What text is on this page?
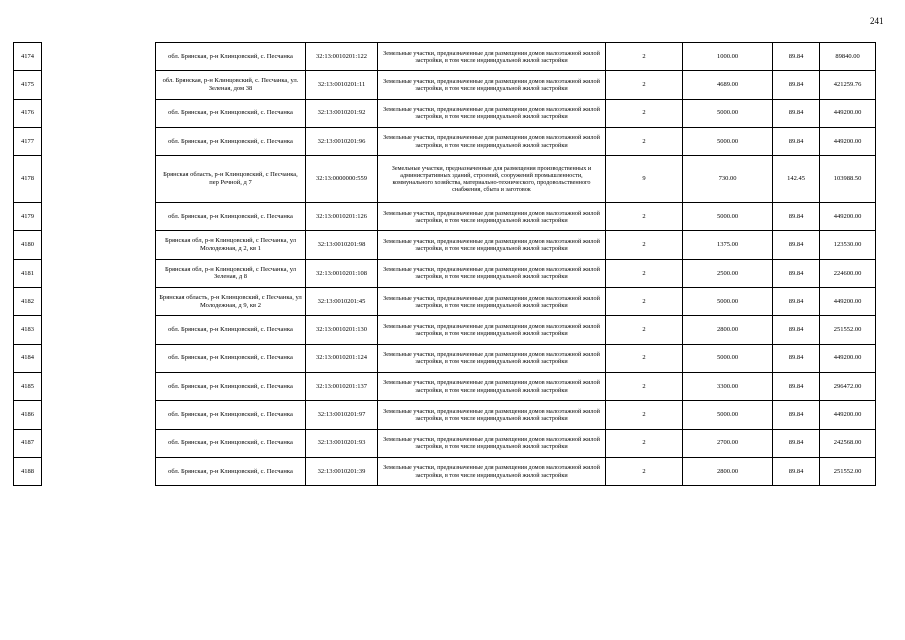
241
4174		обл. Брянская, р-н Клинцовский, с. Песчанка	32:13:0010201:122	Земельные участки, предназначенные для размещения домов малоэтажной жилой застройки, в том числе индивидуальной жилой застройки	2	1000.00	89.84	89840.00
4175		обл. Брянская, р-н Клинцовский, с. Песчанка, ул. Зеленая, дом 38	32:13:0010201:11	Земельные участки, предназначенные для размещения домов малоэтажной жилой застройки, в том числе индивидуальной жилой застройки	2	4689.00	89.84	421259.76
4176		обл. Брянская, р-н Клинцовский, с. Песчанка	32:13:0010201:92	Земельные участки, предназначенные для размещения домов малоэтажной жилой застройки, в том числе индивидуальной жилой застройки	2	5000.00	89.84	449200.00
4177		обл. Брянская, р-н Клинцовский, с. Песчанка	32:13:0010201:96	Земельные участки, предназначенные для размещения домов малоэтажной жилой застройки, в том числе индивидуальной жилой застройки	2	5000.00	89.84	449200.00
4178		Брянская область, р-н Клинцовский, с Песчанка, пер Речной, д 7	32:13:0000000:559	Земельные участки, предназначенные для размещения производственных и административных зданий, строений, сооружений промышленности, коммунального хозяйства, материально-технического, продовольственного снабжения, сбыта и заготовок	9	730.00	142.45	103988.50
4179		обл. Брянская, р-н Клинцовский, с. Песчанка	32:13:0010201:126	Земельные участки, предназначенные для размещения домов малоэтажной жилой застройки, в том числе индивидуальной жилой застройки	2	5000.00	89.84	449200.00
4180		Брянская обл, р-н Клинцовский, с Песчанка, ул Молодежная, д 2, кв 1	32:13:0010201:98	Земельные участки, предназначенные для размещения домов малоэтажной жилой застройки, в том числе индивидуальной жилой застройки	2	1375.00	89.84	123530.00
4181		Брянская обл, р-н Клинцовский, с Песчанка, ул Зеленая, д 8	32:13:0010201:108	Земельные участки, предназначенные для размещения домов малоэтажной жилой застройки, в том числе индивидуальной жилой застройки	2	2500.00	89.84	224600.00
4182		Брянская область, р-н Клинцовский, с Песчанка, ул Молодежная, д 9, кв 2	32:13:0010201:45	Земельные участки, предназначенные для размещения домов малоэтажной жилой застройки, в том числе индивидуальной жилой застройки	2	5000.00	89.84	449200.00
4183		обл. Брянская, р-н Клинцовский, с. Песчанка	32:13:0010201:130	Земельные участки, предназначенные для размещения домов малоэтажной жилой застройки, в том числе индивидуальной жилой застройки	2	2800.00	89.84	251552.00
4184		обл. Брянская, р-н Клинцовский, с. Песчанка	32:13:0010201:124	Земельные участки, предназначенные для размещения домов малоэтажной жилой застройки, в том числе индивидуальной жилой застройки	2	5000.00	89.84	449200.00
4185		обл. Брянская, р-н Клинцовский, с. Песчанка	32:13:0010201:137	Земельные участки, предназначенные для размещения домов малоэтажной жилой застройки, в том числе индивидуальной жилой застройки	2	3300.00	89.84	296472.00
4186		обл. Брянская, р-н Клинцовский, с. Песчанка	32:13:0010201:97	Земельные участки, предназначенные для размещения домов малоэтажной жилой застройки, в том числе индивидуальной жилой застройки	2	5000.00	89.84	449200.00
4187		обл. Брянская, р-н Клинцовский, с. Песчанка	32:13:0010201:93	Земельные участки, предназначенные для размещения домов малоэтажной жилой застройки, в том числе индивидуальной жилой застройки	2	2700.00	89.84	242568.00
4188		обл. Брянская, р-н Клинцовский, с. Песчанка	32:13:0010201:39	Земельные участки, предназначенные для размещения домов малоэтажной жилой застройки, в том числе индивидуальной жилой застройки	2	2800.00	89.84	251552.00
